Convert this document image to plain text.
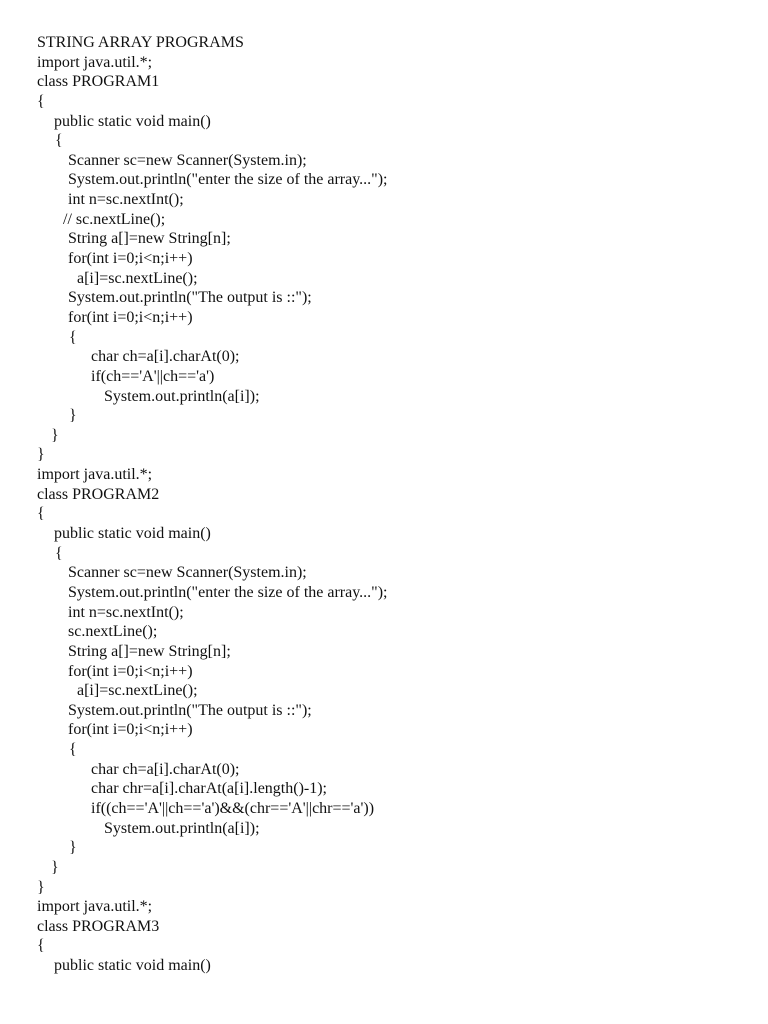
STRING ARRAY PROGRAMS
import java.util.*;
class PROGRAM1
{
public static void main()
{
Scanner sc=new Scanner(System.in);
System.out.println("enter the size of the array...");
int n=sc.nextInt();
// sc.nextLine();
String a[]=new String[n];
for(int i=0;i<n;i++)
a[i]=sc.nextLine();
System.out.println("The output is ::");
for(int i=0;i<n;i++)
{
char ch=a[i].charAt(0);
if(ch=='A'||ch=='a')
System.out.println(a[i]);
}
}
}
import java.util.*;
class PROGRAM2
{
public static void main()
{
Scanner sc=new Scanner(System.in);
System.out.println("enter the size of the array...");
int n=sc.nextInt();
sc.nextLine();
String a[]=new String[n];
for(int i=0;i<n;i++)
a[i]=sc.nextLine();
System.out.println("The output is ::");
for(int i=0;i<n;i++)
{
char ch=a[i].charAt(0);
char chr=a[i].charAt(a[i].length()-1);
if((ch=='A'||ch=='a')&&(chr=='A'||chr=='a'))
System.out.println(a[i]);
}
}
}
import java.util.*;
class PROGRAM3
{
public static void main()
